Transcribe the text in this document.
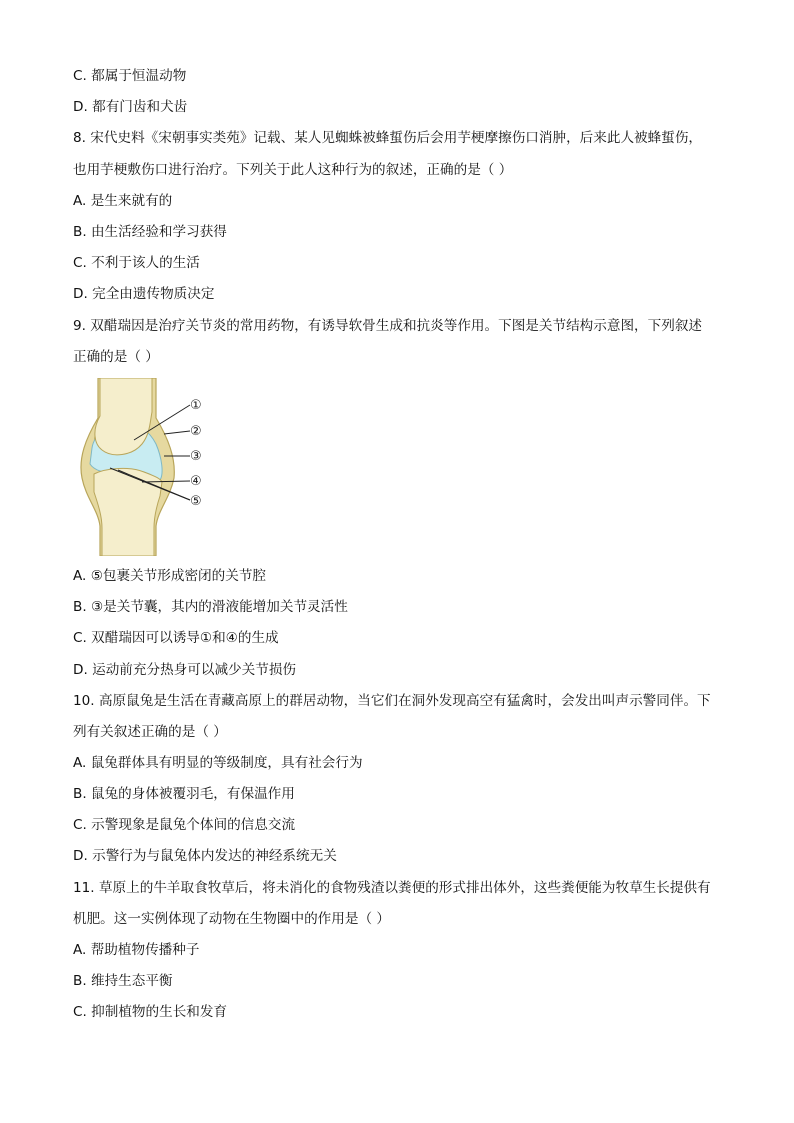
C. 都属于恒温动物
D. 都有门齿和犬齿
8. 宋代史料《宋朝事实类苑》记载、某人见蜘蛛被蜂蜇伤后会用芋梗摩擦伤口消肿，后来此人被蜂蜇伤，
也用芋梗敷伤口进行治疗。下列关于此人这种行为的叙述，正确的是（ ）
A. 是生来就有的
B. 由生活经验和学习获得
C. 不利于该人的生活
D. 完全由遗传物质决定
9. 双醋瑞因是治疗关节炎的常用药物，有诱导软骨生成和抗炎等作用。下图是关节结构示意图，下列叙述
正确的是（ ）
A. ⑤包裹关节形成密闭的关节腔
B. ③是关节囊，其内的滑液能增加关节灵活性
C. 双醋瑞因可以诱导①和④的生成
D. 运动前充分热身可以减少关节损伤
10. 高原鼠兔是生活在青藏高原上的群居动物，当它们在洞外发现高空有猛禽时，会发出叫声示警同伴。下
列有关叙述正确的是（ ）
A. 鼠兔群体具有明显的等级制度，具有社会行为
B. 鼠兔的身体被覆羽毛，有保温作用
C. 示警现象是鼠兔个体间的信息交流
D. 示警行为与鼠兔体内发达的神经系统无关
11. 草原上的牛羊取食牧草后，将未消化的食物残渣以粪便的形式排出体外，这些粪便能为牧草生长提供有
机肥。这一实例体现了动物在生物圈中的作用是（ ）
A. 帮助植物传播种子
B. 维持生态平衡
C. 抑制植物的生长和发育
①
②
③
④
⑤
